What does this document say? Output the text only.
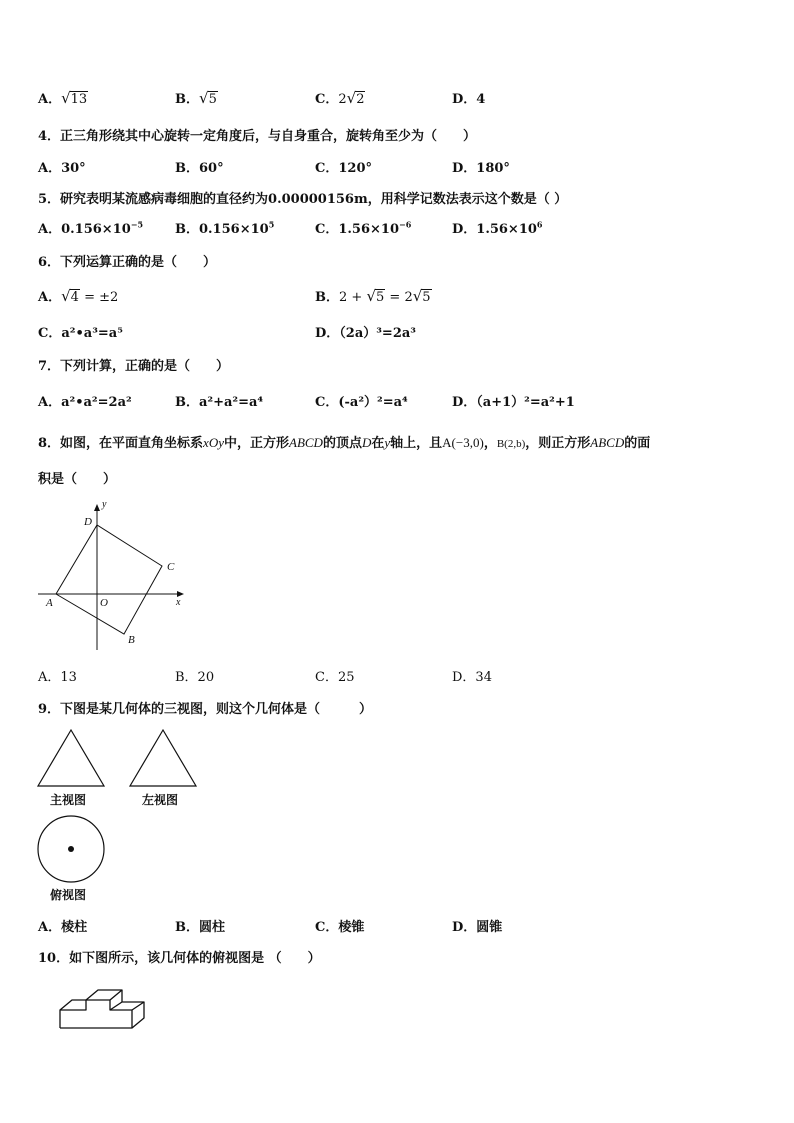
A．√13	B．√5	C．2√2	D．4
4．正三角形绕其中心旋转一定角度后，与自身重合，旋转角至少为（　　）
A．30°	B．60°	C．120°	D．180°
5．研究表明某流感病毒细胞的直径约为0.00000156m，用科学记数法表示这个数是（ ）
A．$0.156\times 10^{-5}$ B．$0.156\times 10^5$	C．$1.56\times 10^{-6}$	D．$1.56\times 10^6$
6．下列运算正确的是（　　）
A．√4 = ±2	B．2 + √5 = 2√5
C．a²•a³=a⁵	D．（2a）³=2a³
7．下列计算，正确的是（　　）
A．a²•a²=2a²	B．a²+a²=a⁴	C．(-a²）²=a⁴	D．（a+1）²=a²+1
8．如图，在平面直角坐标系xOy中，正方形ABCD的顶点D在y轴上，且A(−3,0)，B(2,b)，则正方形ABCD的面
积是（　　）
y
x
D
C
A	O
B
A．13	B．20	C．25	D．34
9．下图是某几何体的三视图，则这个几何体是（　　　）
主视图	左视图
俯视图
A．棱柱	B．圆柱	C．棱锥	D．圆锥
10．如下图所示，该几何体的俯视图是 （　　）
